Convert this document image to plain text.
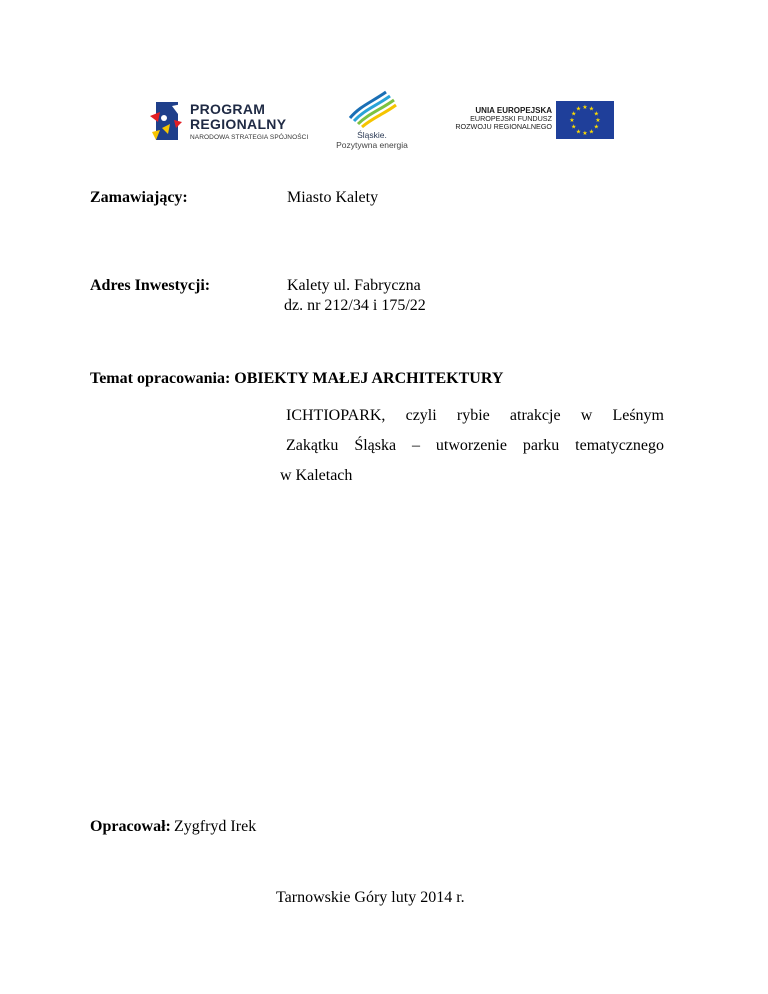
PROGRAM
REGIONALNY
NARODOWA STRATEGIA SPÓJNOŚCI	Śląskie.
Pozytywna energia
UNIA EUROPEJSKA
EUROPEJSKI FUNDUSZ
ROZWOJU REGIONALNEGO
★ ★
★
★
★
★
★
★
★
★
★
★
Zamawiający:	Miasto Kalety
Adres Inwestycji:	Kalety ul. Fabryczna
dz. nr 212/34 i 175/22
Temat opracowania: OBIEKTY MAŁEJ ARCHITEKTURY
ICHTIOPARK, czyli rybie atrakcje w Leśnym
Zakątku Śląska – utworzenie parku tematycznego
w Kaletach
Opracował: Zygfryd Irek
Tarnowskie Góry luty 2014 r.
